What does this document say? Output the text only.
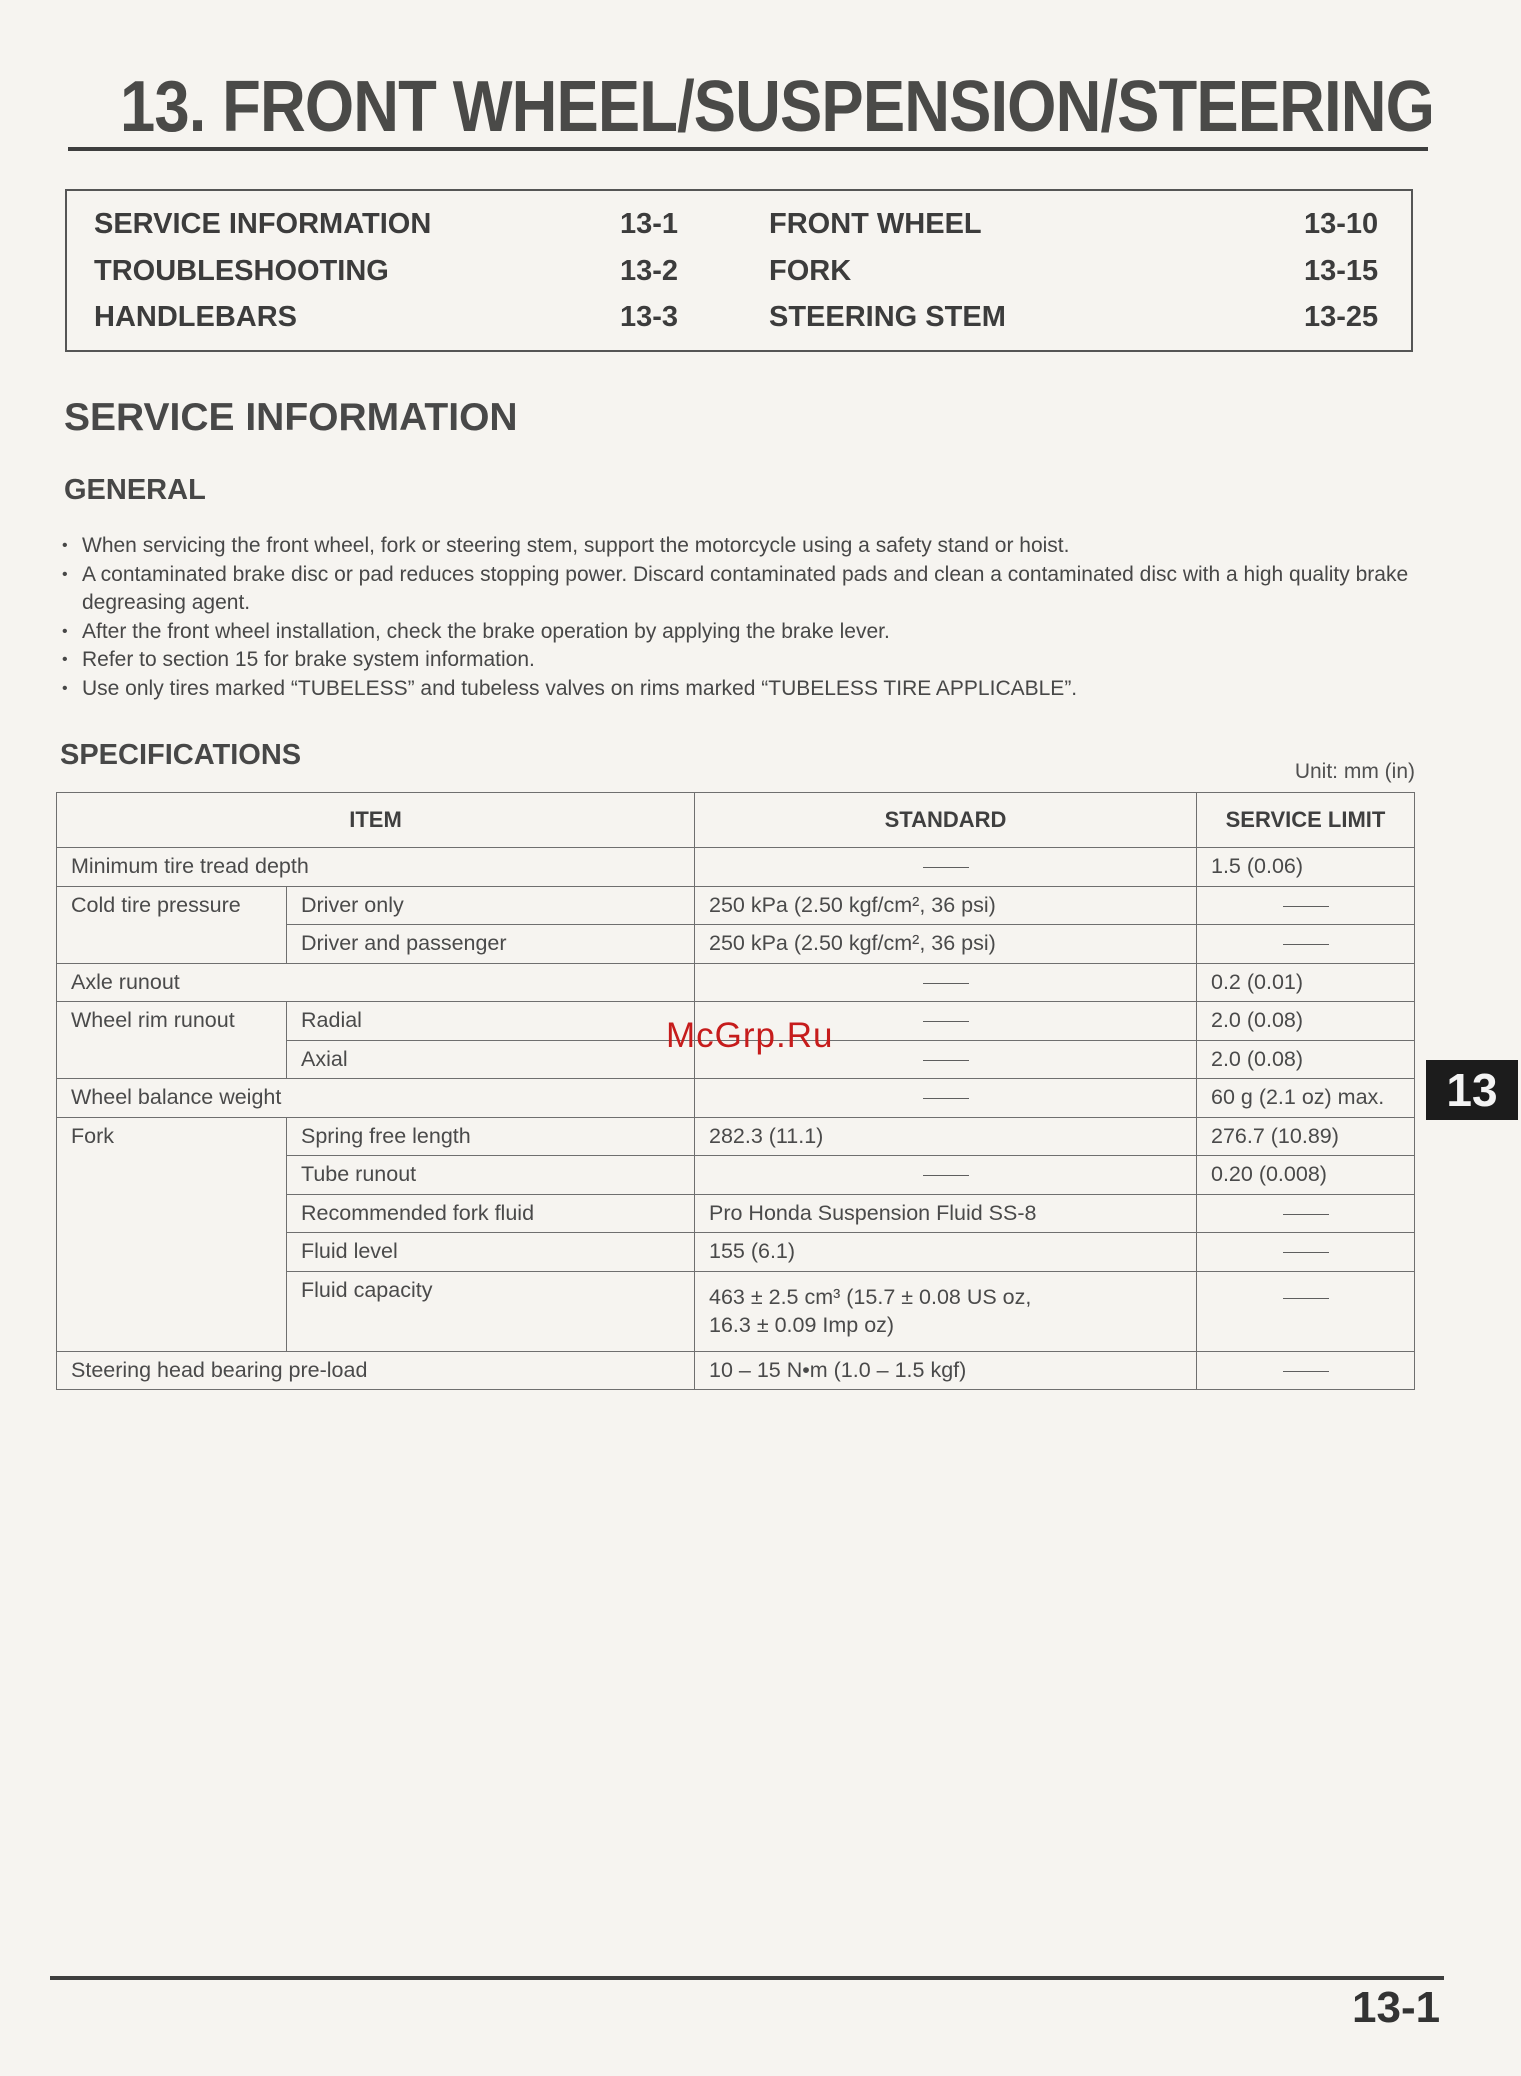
13. FRONT WHEEL/SUSPENSION/STEERING
SERVICE INFORMATION	13-1
TROUBLESHOOTING	13-2
HANDLEBARS	13-3
FRONT WHEEL	13-10
FORK	13-15
STEERING STEM	13-25
SERVICE INFORMATION
GENERAL
• When servicing the front wheel, fork or steering stem, support the motorcycle using a safety stand or hoist.
• A contaminated brake disc or pad reduces stopping power. Discard contaminated pads and clean a contaminated disc with a high quality brake degreasing agent.
• After the front wheel installation, check the brake operation by applying the brake lever.
• Refer to section 15 for brake system information.
• Use only tires marked “TUBELESS” and tubeless valves on rims marked “TUBELESS TIRE APPLICABLE”.
SPECIFICATIONS
Unit: mm (in)
ITEM		STANDARD	SERVICE LIMIT
Minimum tire tread depth			1.5 (0.06)
Cold tire pressure	Driver only	250 kPa (2.50 kgf/cm², 36 psi)	
	Driver and passenger	250 kPa (2.50 kgf/cm², 36 psi)	
Axle runout			0.2 (0.01)
Wheel rim runout	Radial		2.0 (0.08)
	Axial		2.0 (0.08)
Wheel balance weight			60 g (2.1 oz) max.
Fork	Spring free length	282.3 (11.1)	276.7 (10.89)
	Tube runout		0.20 (0.008)
	Recommended fork fluid	Pro Honda Suspension Fluid SS-8	
	Fluid level	155 (6.1)	
	Fluid capacity	463 ± 2.5 cm³ (15.7 ± 0.08 US oz,
16.3 ± 0.09 Imp oz)	

Steering head bearing pre-load		10 – 15 N•m (1.0 – 1.5 kgf)	
McGrp.Ru
13
13-1
